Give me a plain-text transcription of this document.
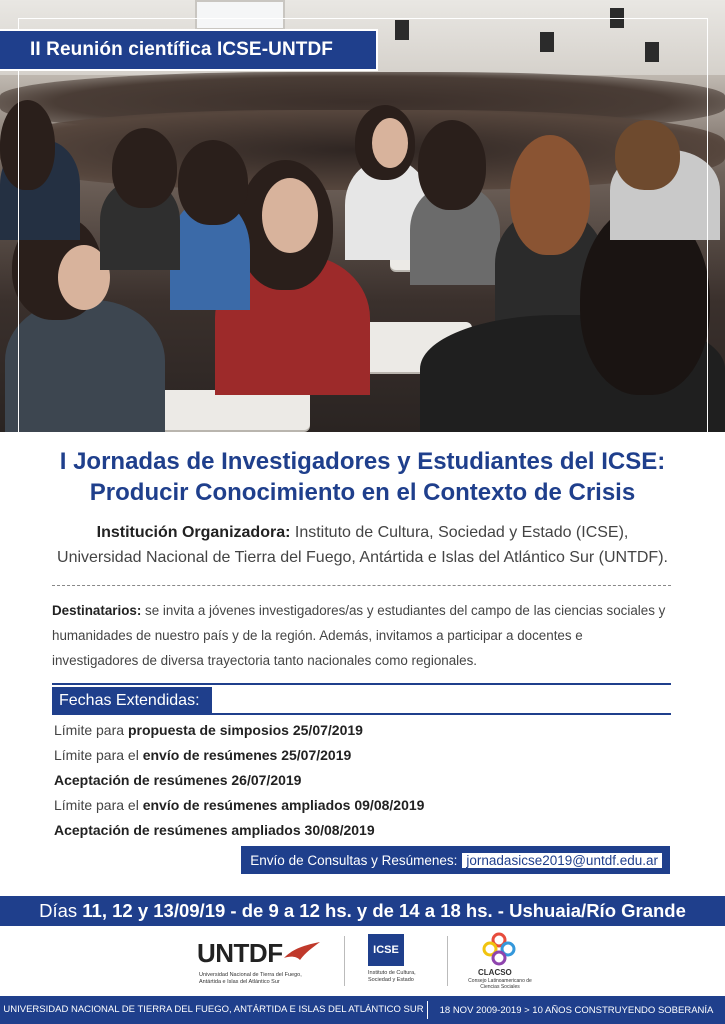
II Reunión científica ICSE-UNTDF
I Jornadas de Investigadores y Estudiantes del ICSE:
Producir Conocimiento en el Contexto de Crisis
Institución Organizadora: Instituto de Cultura, Sociedad y Estado (ICSE),
Universidad Nacional de Tierra del Fuego, Antártida e Islas del Atlántico Sur (UNTDF).
Destinatarios: se invita a jóvenes investigadores/as y estudiantes del campo de las ciencias sociales y humanidades de nuestro país y de la región. Además, invitamos a participar a docentes e investigadores de diversa trayectoria tanto nacionales como regionales.
Fechas Extendidas:
Límite para propuesta de simposios 25/07/2019
Límite para el envío de resúmenes 25/07/2019
Aceptación de resúmenes 26/07/2019
Límite para el envío de resúmenes ampliados 09/08/2019
Aceptación de resúmenes ampliados 30/08/2019
Envío de Consultas y Resúmenes: jornadasicse2019@untdf.edu.ar
Días
11, 12 y 13/09/19 - de 9 a 12 hs. y de 14 a 18 hs. - Ushuaia/Río Grande
UNTDF
Universidad Nacional de Tierra del Fuego, Antártida e Islas del Atlántico Sur
ICSE
Instituto de Cultura, Sociedad y Estado
CLACSO
Consejo Latinoamericano de Ciencias Sociales
UNIVERSIDAD NACIONAL DE TIERRA DEL FUEGO, ANTÁRTIDA E ISLAS DEL ATLÁNTICO SUR	18 NOV 2009-2019 > 10 AÑOS CONSTRUYENDO SOBERANÍA
